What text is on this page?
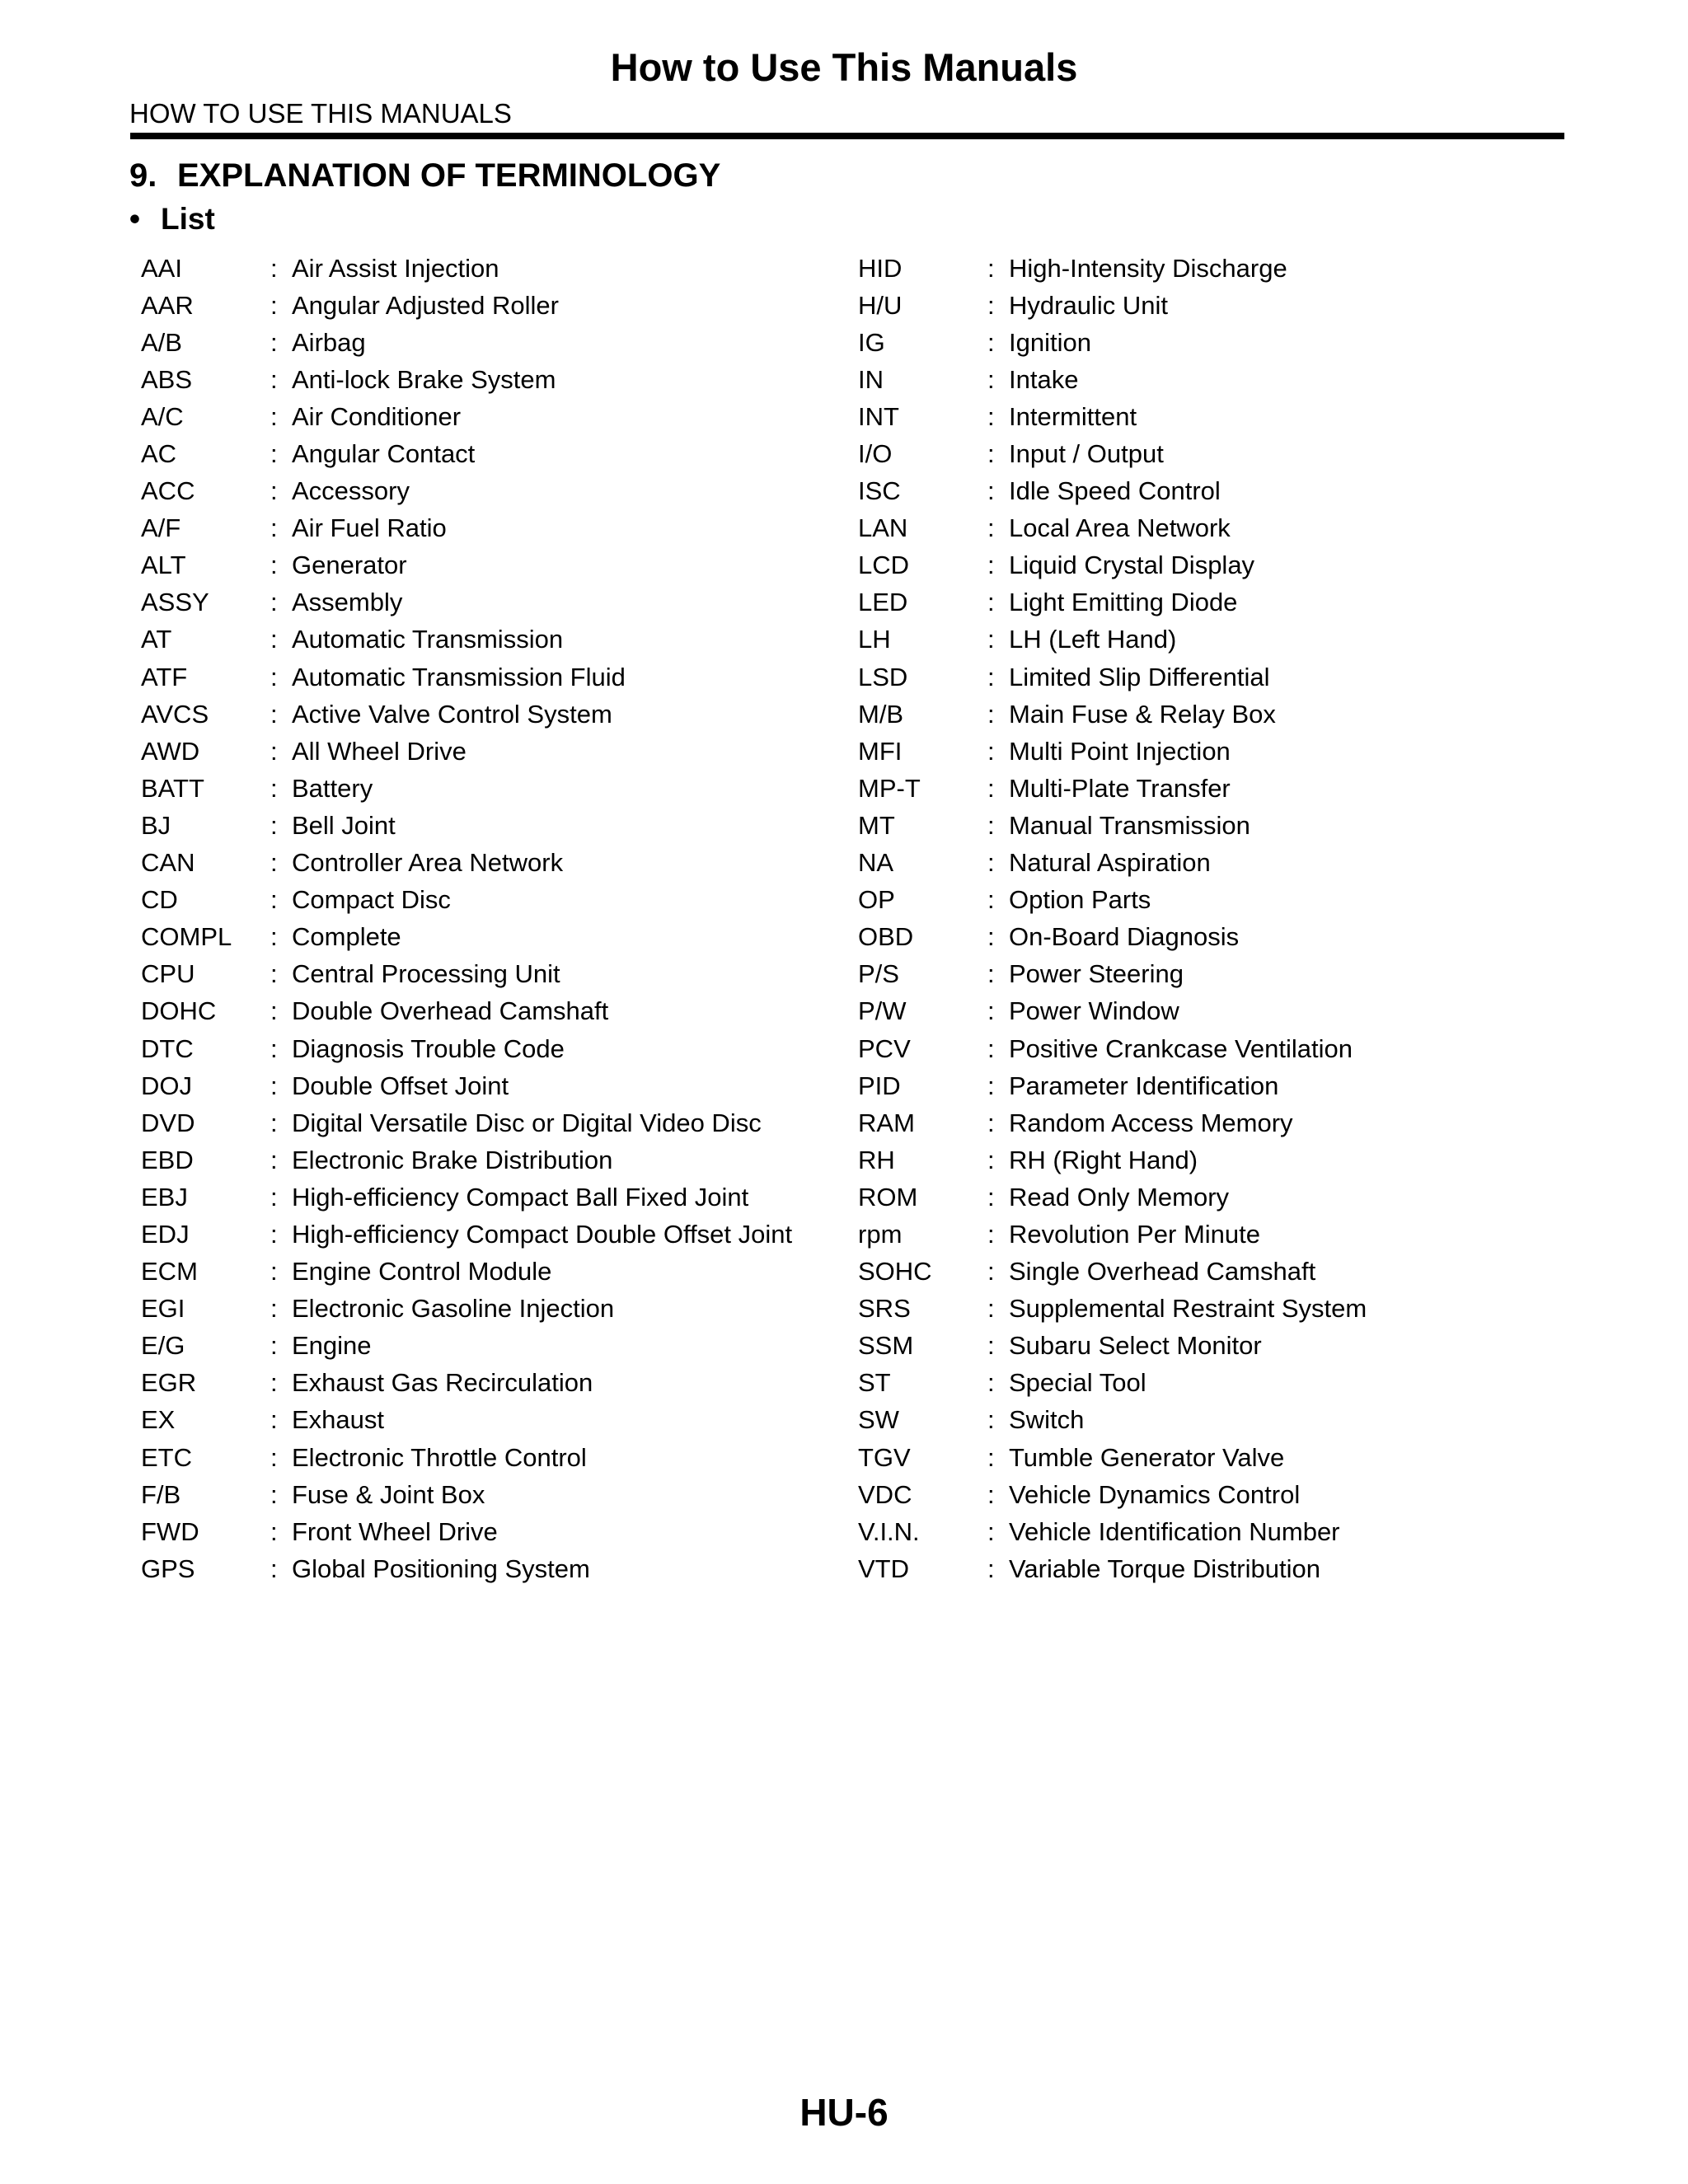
How to Use This Manuals
HOW TO USE THIS MANUALS
9. EXPLANATION OF TERMINOLOGY
• List
AAI	: Air Assist Injection
AAR	: Angular Adjusted Roller
A/B	: Airbag
ABS	: Anti-lock Brake System
A/C	: Air Conditioner
AC	: Angular Contact
ACC	: Accessory
A/F	: Air Fuel Ratio
ALT	: Generator
ASSY	: Assembly
AT	: Automatic Transmission
ATF	: Automatic Transmission Fluid
AVCS	: Active Valve Control System
AWD	: All Wheel Drive
BATT	: Battery
BJ	: Bell Joint
CAN	: Controller Area Network
CD	: Compact Disc
COMPL	: Complete
CPU	: Central Processing Unit
DOHC	: Double Overhead Camshaft
DTC	: Diagnosis Trouble Code
DOJ	: Double Offset Joint
DVD	: Digital Versatile Disc or Digital Video Disc
EBD	: Electronic Brake Distribution
EBJ	: High-efficiency Compact Ball Fixed Joint
EDJ	: High-efficiency Compact Double Offset Joint
ECM	: Engine Control Module
EGI	: Electronic Gasoline Injection
E/G	: Engine
EGR	: Exhaust Gas Recirculation
EX	: Exhaust
ETC	: Electronic Throttle Control
F/B	: Fuse & Joint Box
FWD	: Front Wheel Drive
GPS	: Global Positioning System
HID	: High-Intensity Discharge
H/U	: Hydraulic Unit
IG	: Ignition
IN	: Intake
INT	: Intermittent
I/O	: Input / Output
ISC	: Idle Speed Control
LAN	: Local Area Network
LCD	: Liquid Crystal Display
LED	: Light Emitting Diode
LH	: LH (Left Hand)
LSD	: Limited Slip Differential
M/B	: Main Fuse & Relay Box
MFI	: Multi Point Injection
MP-T	: Multi-Plate Transfer
MT	: Manual Transmission
NA	: Natural Aspiration
OP	: Option Parts
OBD	: On-Board Diagnosis
P/S	: Power Steering
P/W	: Power Window
PCV	: Positive Crankcase Ventilation
PID	: Parameter Identification
RAM	: Random Access Memory
RH	: RH (Right Hand)
ROM	: Read Only Memory
rpm	: Revolution Per Minute
SOHC	: Single Overhead Camshaft
SRS	: Supplemental Restraint System
SSM	: Subaru Select Monitor
ST	: Special Tool
SW	: Switch
TGV	: Tumble Generator Valve
VDC	: Vehicle Dynamics Control
V.I.N.	: Vehicle Identification Number
VTD	: Variable Torque Distribution
HU-6
